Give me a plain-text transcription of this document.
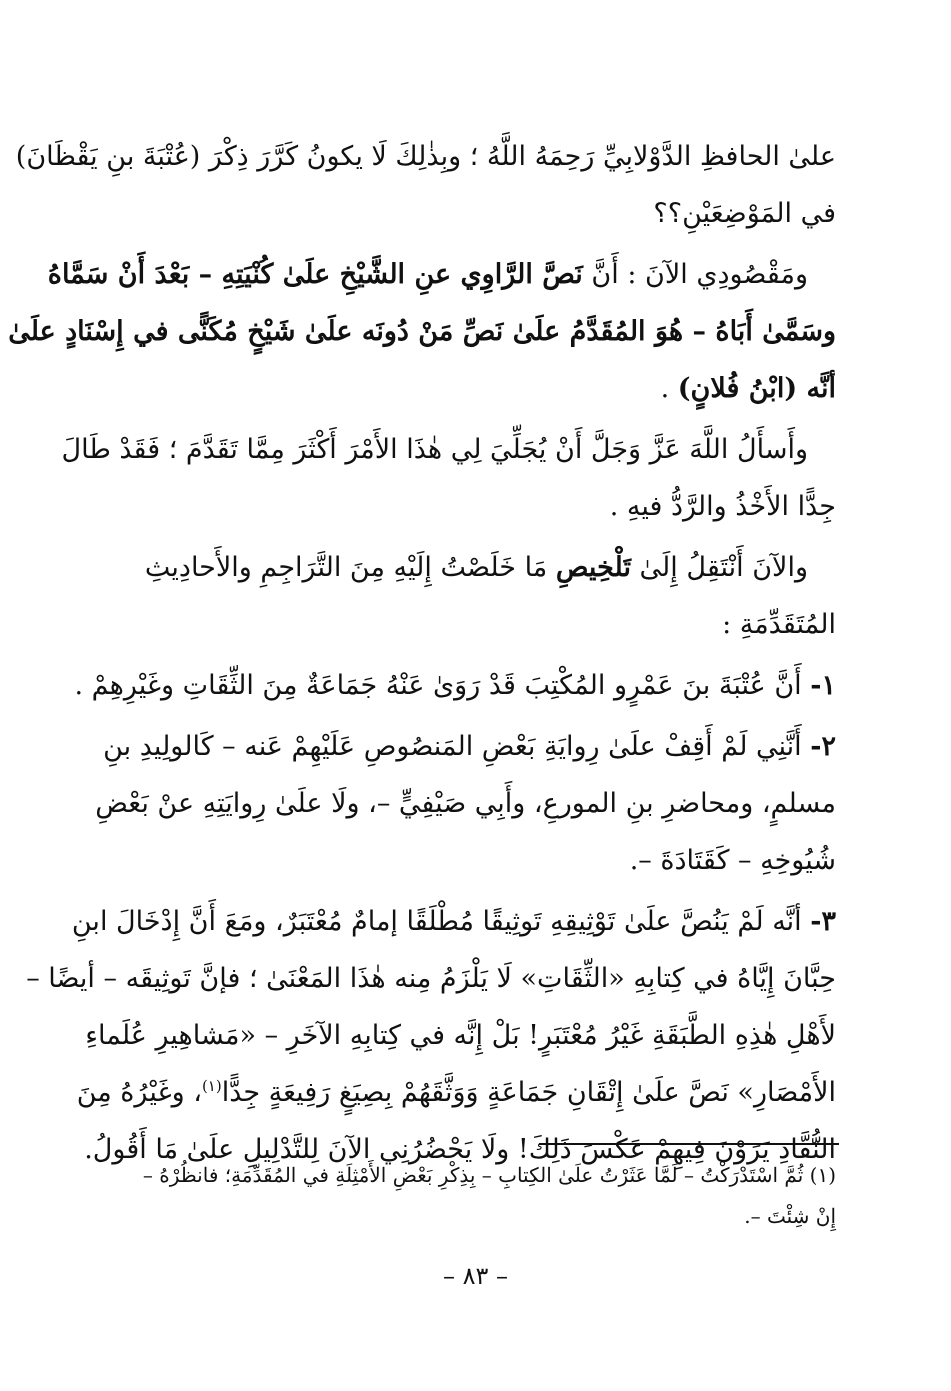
علىٰ الحافظِ الدَّوْلابِيِّ رَحِمَهُ اللَّهُ ؛ وبِذٰلِكَ لَا يكونُ كَرَّرَ ذِكْرَ (عُتْبَةَ بنِ يَقْظَانَ)
في المَوْضِعَيْنِ؟؟
ومَقْصُودِي الآنَ : أَنَّ نَصَّ الرَّاوِي عنِ الشَّيْخِ علَىٰ كُنْيَتِهِ – بَعْدَ أَنْ سَمَّاهُ
وسَمَّىٰ أَبَاهُ – هُوَ المُقَدَّمُ علَىٰ نَصِّ مَنْ دُونَه علَىٰ شَيْخٍ مُكَنًّى في إِسْنَادٍ علَىٰ
أنَّه (ابْنُ فُلانٍ) .
وأَسأَلُ اللَّهَ عَزَّ وَجَلَّ أَنْ يُجَلِّيَ لِي هٰذَا الأَمْرَ أَكْثَرَ مِمَّا تَقَدَّمَ ؛ فَقَدْ طَالَ
جِدًّا الأَخْذُ والرَّدُّ فيهِ .
والآنَ أَنْتَقِلُ إِلَىٰ تَلْخِيصِ مَا خَلَصْتُ إِلَيْهِ مِنَ التَّرَاجِمِ والأَحادِيثِ
المُتَقَدِّمَةِ :
١- أَنَّ عُتْبَةَ بنَ عَمْرٍو المُكْتِبَ قَدْ رَوَىٰ عَنْهُ جَمَاعَةٌ مِنَ الثِّقَاتِ وغَيْرِهِمْ .
٢- أَنَّنِي لَمْ أَقِفْ علَىٰ رِوايَةِ بَعْضِ المَنصُوصِ عَلَيْهِمْ عَنه – كَالولِيدِ بنِ
مسلمٍ، ومحاضرِ بنِ المورعِ، وأَبِي صَيْفِيٍّ –، ولَا علَىٰ رِوايَتِهِ عنْ بَعْضِ
شُيُوخِهِ – كَقَتَادَةَ –.
٣- أنَّه لَمْ يَنُصَّ علَىٰ تَوْثِيقِهِ تَوثِيقًا مُطْلَقًا إمامٌ مُعْتَبَرٌ، ومَعَ أَنَّ إِدْخَالَ ابنِ
حِبَّانَ إِيَّاهُ في كِتابِهِ «الثِّقَاتِ» لَا يَلْزَمُ مِنه هٰذَا المَعْنَىٰ ؛ فإنَّ تَوثِيقَه – أيضًا –
لأَهْلِ هٰذِهِ الطَّبَقَةِ غَيْرُ مُعْتَبَرٍ! بَلْ إِنَّه في كِتابِهِ الآخَرِ – «مَشاهِيرِ عُلَماءِ
الأَمْصَارِ» نَصَّ علَىٰ إِتْقَانِ جَمَاعَةٍ وَوَثَّقَهُمْ بِصِيَغٍ رَفِيعَةٍ جِدًّا$^{(١)}$، وغَيْرُهُ مِنَ
النُّقَّادِ يَرَوْنَ فِيهِمْ عَكْسَ ذَلِكَ! ولَا يَحْضُرُنِي الآنَ لِلتَّدْلِيلِ علَىٰ مَا أَقُولُ.
(١) ثُمَّ اسْتَدْرَكْتُ – لَمَّا عَثَرْتُ علَىٰ الكِتابِ – بِذِكْرِ بَعْضِ الأَمْثِلَةِ في المُقَدِّمَةِ؛ فانظُرْهُ –
إِنْ شِئْتَ –.
– ٨٣ –
